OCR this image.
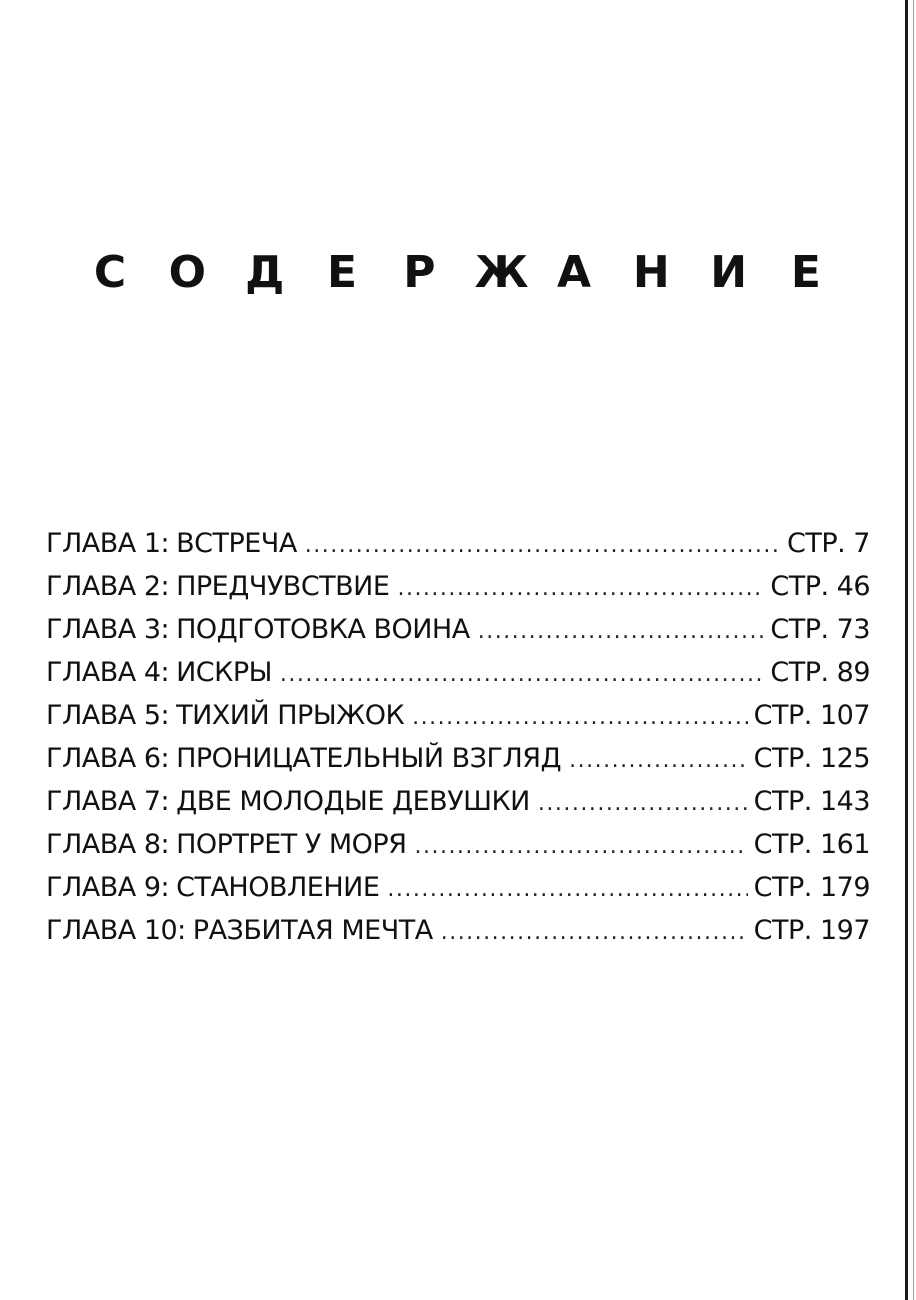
С О Д Е Р Ж А Н И Е
ГЛАВА 1: ВСТРЕЧА .....	СТР. 7
ГЛАВА 2: ПРЕДЧУВСТВИЕ .....	СТР. 46
ГЛАВА 3: ПОДГОТОВКА ВОИНА .....	СТР. 73
ГЛАВА 4: ИСКРЫ .....	СТР. 89
ГЛАВА 5: ТИХИЙ ПРЫЖОК .....	СТР. 107
ГЛАВА 6: ПРОНИЦАТЕЛЬНЫЙ ВЗГЛЯД .....	СТР. 125
ГЛАВА 7: ДВЕ МОЛОДЫЕ ДЕВУШКИ .....	СТР. 143
ГЛАВА 8: ПОРТРЕТ У МОРЯ .....	СТР. 161
ГЛАВА 9: СТАНОВЛЕНИЕ .....	СТР. 179
ГЛАВА 10: РАЗБИТАЯ МЕЧТА .....	СТР. 197
